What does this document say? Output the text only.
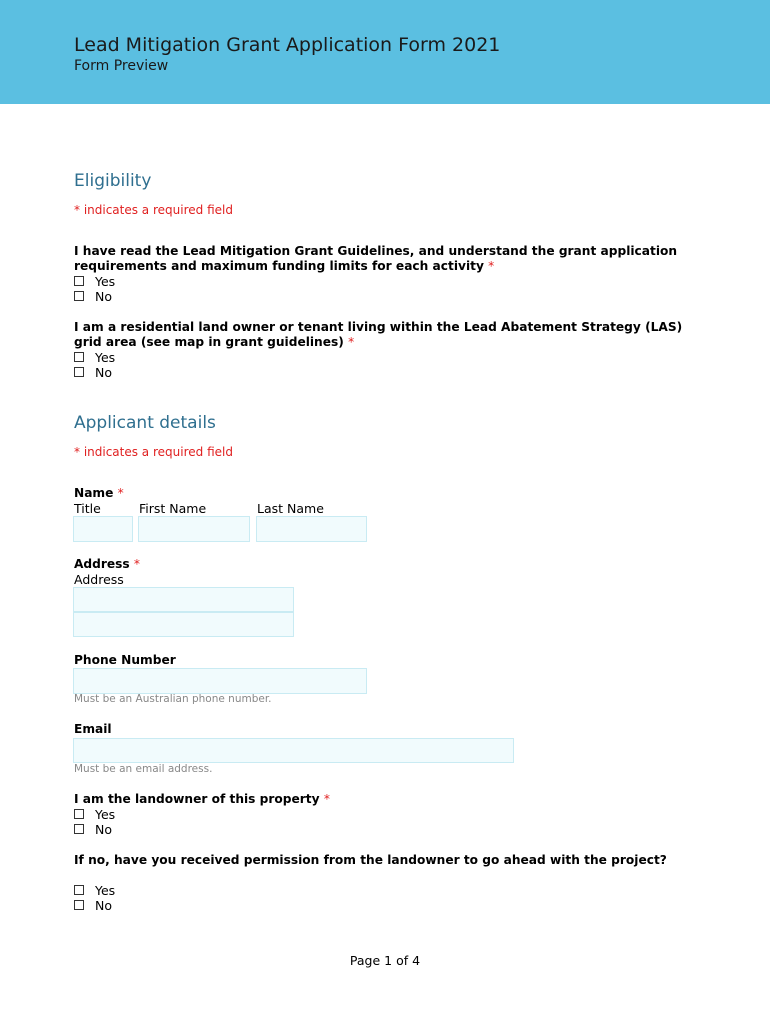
Lead Mitigation Grant Application Form 2021
Form Preview
Eligibility
* indicates a required field
I have read the Lead Mitigation Grant Guidelines, and understand the grant application requirements and maximum funding limits for each activity *
Yes
No
I am a residential land owner or tenant living within the Lead Abatement Strategy (LAS) grid area (see map in grant guidelines) *
Yes
No
Applicant details
* indicates a required field
Name *
Title	First Name	Last Name
Address *
Address
Phone Number
Must be an Australian phone number.
Email
Must be an email address.
I am the landowner of this property *
Yes
No
If no, have you received permission from the landowner to go ahead with the project?
Yes
No
Page 1 of 4
